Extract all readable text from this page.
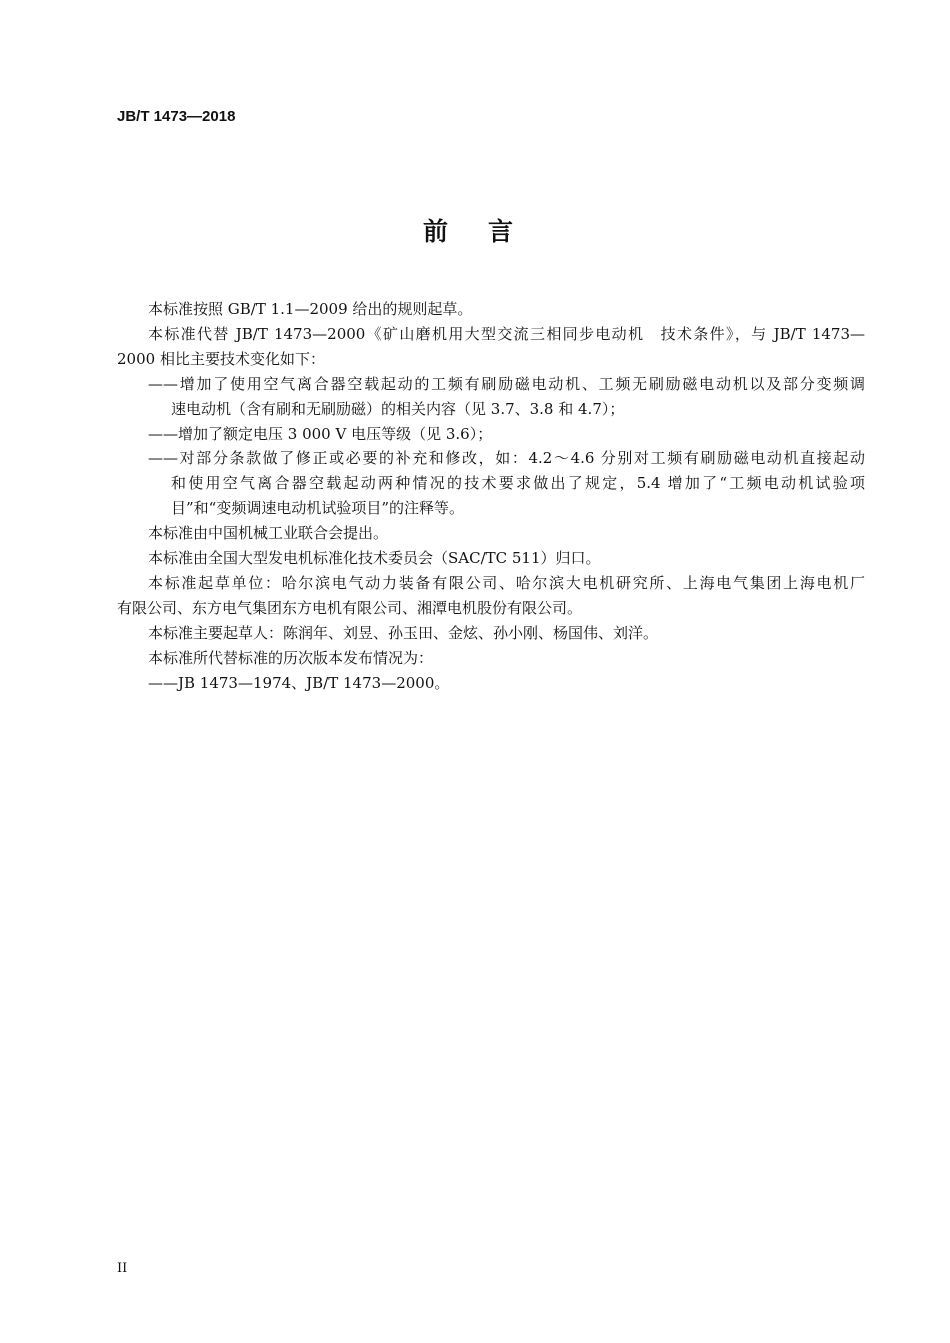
JB/T 1473—2018
前言
本标准按照 GB/T 1.1—2009 给出的规则起草。
本标准代替 JB/T 1473—2000《矿山磨机用大型交流三相同步电动机　技术条件》，与 JB/T 1473—
2000 相比主要技术变化如下：
——增加了使用空气离合器空载起动的工频有刷励磁电动机、工频无刷励磁电动机以及部分变频调
速电动机（含有刷和无刷励磁）的相关内容（见 3.7、3.8 和 4.7）；
——增加了额定电压 3 000 V 电压等级（见 3.6）；
——对部分条款做了修正或必要的补充和修改，如：4.2～4.6 分别对工频有刷励磁电动机直接起动
和使用空气离合器空载起动两种情况的技术要求做出了规定，5.4 增加了“工频电动机试验项
目”和“变频调速电动机试验项目”的注释等。
本标准由中国机械工业联合会提出。
本标准由全国大型发电机标准化技术委员会（SAC/TC 511）归口。
本标准起草单位：哈尔滨电气动力装备有限公司、哈尔滨大电机研究所、上海电气集团上海电机厂
有限公司、东方电气集团东方电机有限公司、湘潭电机股份有限公司。
本标准主要起草人：陈润年、刘昱、孙玉田、金炫、孙小刚、杨国伟、刘洋。
本标准所代替标准的历次版本发布情况为：
——JB 1473—1974、JB/T 1473—2000。
II
